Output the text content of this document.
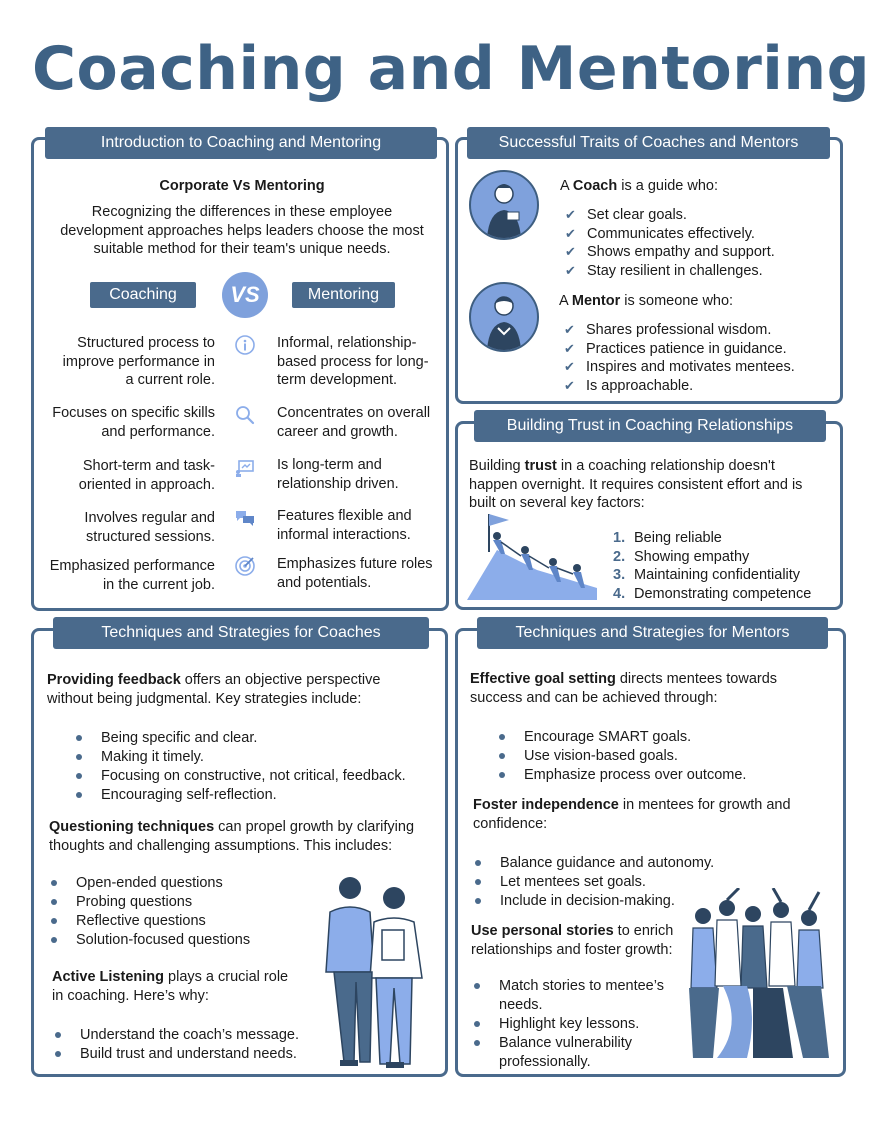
Coaching and Mentoring
Introduction to Coaching and Mentoring
Corporate Vs Mentoring
Recognizing the differences in these employee development approaches helps leaders choose the most suitable method for their team's unique needs.
Coaching	VS	Mentoring
Structured process to improve performance in a current role.
Informal, relationship-based process for long-term development.
Focuses on specific skills and performance.
Concentrates on overall career and growth.
Short-term and task-oriented in approach.
Is long-term and relationship driven.
Involves regular and structured sessions.
Features flexible and informal interactions.
Emphasized performance in the current job.
Emphasizes future roles and potentials.
Successful Traits of Coaches and Mentors
A Coach is a guide who:
✔ Set clear goals.
✔ Communicates effectively.
✔ Shows empathy and support.
✔ Stay resilient in challenges.
A Mentor is someone who:
✔ Shares professional wisdom.
✔ Practices patience in guidance.
✔ Inspires and motivates mentees.
✔ Is approachable.
Building Trust in Coaching Relationships
Building trust in a coaching relationship doesn't happen overnight. It requires consistent effort and is built on several key factors:
1. Being reliable
2. Showing empathy
3. Maintaining confidentiality
4. Demonstrating competence
Techniques and Strategies for Coaches
Providing feedback offers an objective perspective without being judgmental. Key strategies include:
Being specific and clear.
Making it timely.
Focusing on constructive, not critical, feedback.
Encouraging self-reflection.
Questioning techniques can propel growth by clarifying thoughts and challenging assumptions. This includes:
Open-ended questions
Probing questions
Reflective questions
Solution-focused questions
Active Listening plays a crucial role in coaching. Here’s why:
Understand the coach’s message.
Build trust and understand needs.
Techniques and Strategies for Mentors
Effective goal setting directs mentees towards success and can be achieved through:
Encourage SMART goals.
Use vision-based goals.
Emphasize process over outcome.
Foster independence in mentees for growth and confidence:
Balance guidance and autonomy.
Let mentees set goals.
Include in decision-making.
Use personal stories to enrich relationships and foster growth:
Match stories to mentee’s needs.
Highlight key lessons.
Balance vulnerability professionally.
